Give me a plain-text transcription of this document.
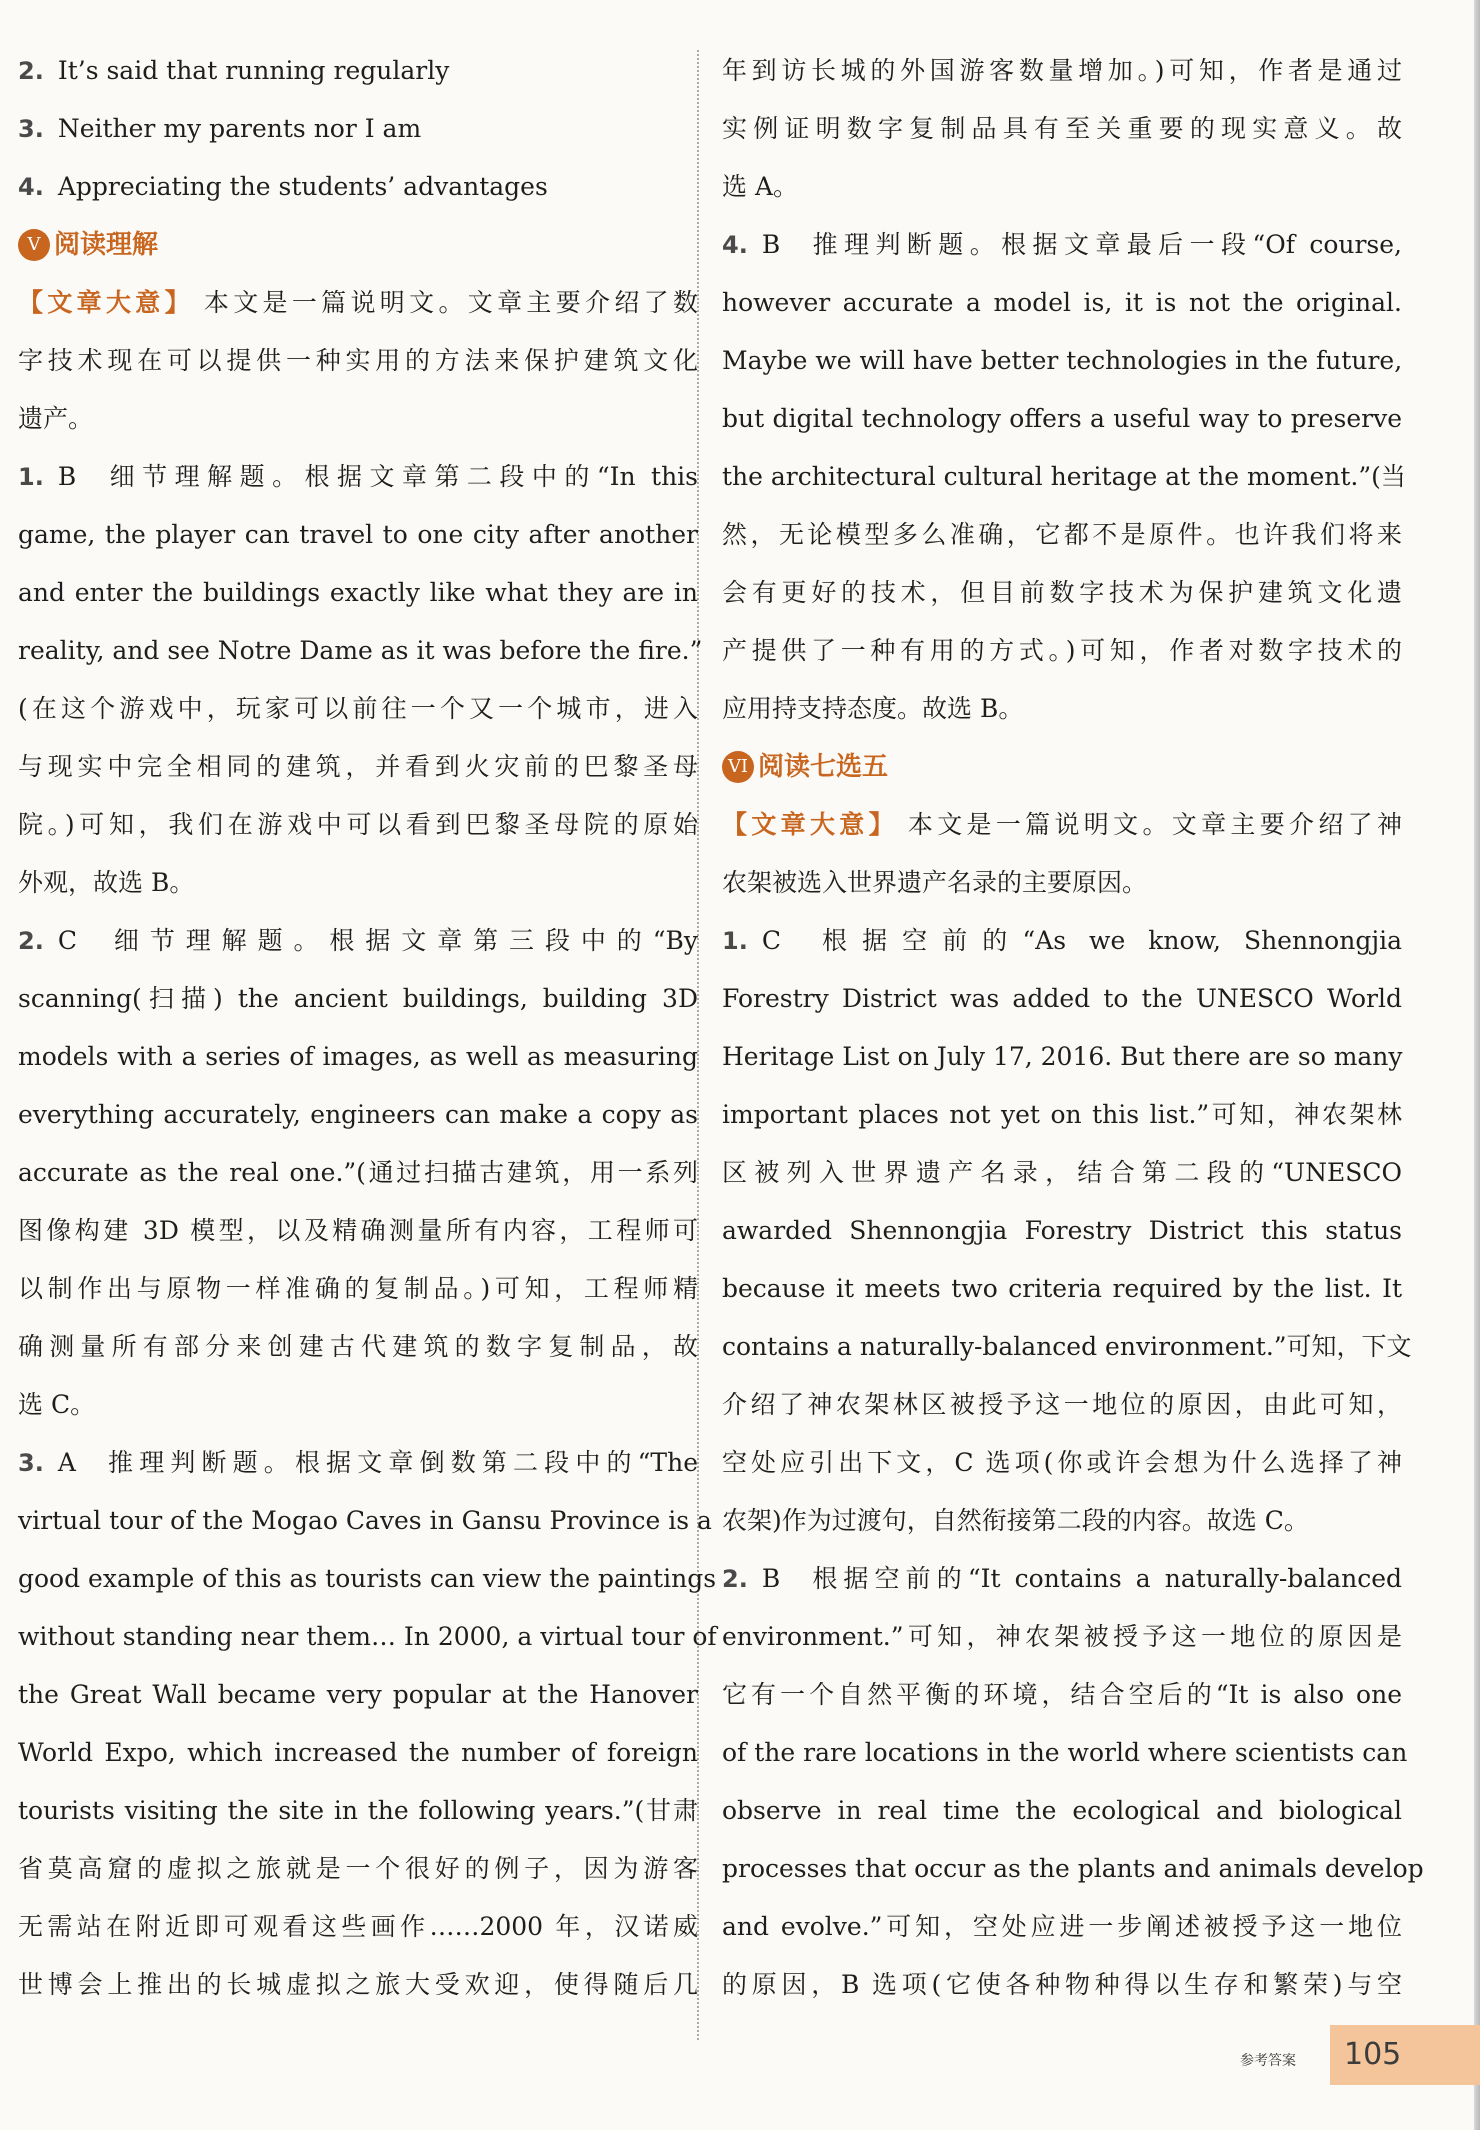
2. It’s said that running regularly
3. Neither my parents nor I am
4. Appreciating the students’ advantages
V 阅读理解
【文章大意】 本文是一篇说明文。文章主要介绍了数
字技术现在可以提供一种实用的方法来保护建筑文化
遗产。
1. B 细节理解题。根据文章第二段中的“In this
game, the player can travel to one city after another
and enter the buildings exactly like what they are in
reality, and see Notre Dame as it was before the fire.”
(在这个游戏中，玩家可以前往一个又一个城市，进入
与现实中完全相同的建筑，并看到火灾前的巴黎圣母
院。)可知，我们在游戏中可以看到巴黎圣母院的原始
外观，故选 B。
2. C 细节理解题。根据文章第三段中的“By
scanning(扫描) the ancient buildings, building 3D
models with a series of images, as well as measuring
everything accurately, engineers can make a copy as
accurate as the real one.”(通过扫描古建筑，用一系列
图像构建 3D 模型，以及精确测量所有内容，工程师可
以制作出与原物一样准确的复制品。)可知，工程师精
确测量所有部分来创建古代建筑的数字复制品，故
选 C。
3. A 推理判断题。根据文章倒数第二段中的“The
virtual tour of the Mogao Caves in Gansu Province is a
good example of this as tourists can view the paintings
without standing near them… In 2000, a virtual tour of
the Great Wall became very popular at the Hanover
World Expo, which increased the number of foreign
tourists visiting the site in the following years.”(甘肃
省莫高窟的虚拟之旅就是一个很好的例子，因为游客
无需站在附近即可观看这些画作……2000 年，汉诺威
世博会上推出的长城虚拟之旅大受欢迎，使得随后几
年到访长城的外国游客数量增加。)可知，作者是通过
实例证明数字复制品具有至关重要的现实意义。故
选 A。
4. B 推理判断题。根据文章最后一段“Of course,
however accurate a model is, it is not the original.
Maybe we will have better technologies in the future,
but digital technology offers a useful way to preserve
the architectural cultural heritage at the moment.”(当
然，无论模型多么准确，它都不是原件。也许我们将来
会有更好的技术，但目前数字技术为保护建筑文化遗
产提供了一种有用的方式。)可知，作者对数字技术的
应用持支持态度。故选 B。
VI 阅读七选五
【文章大意】 本文是一篇说明文。文章主要介绍了神
农架被选入世界遗产名录的主要原因。
1. C 根据空前的“As we know, Shennongjia
Forestry District was added to the UNESCO World
Heritage List on July 17, 2016. But there are so many
important places not yet on this list.”可知，神农架林
区被列入世界遗产名录，结合第二段的“UNESCO
awarded Shennongjia Forestry District this status
because it meets two criteria required by the list. It
contains a naturally-balanced environment.”可知，下文
介绍了神农架林区被授予这一地位的原因，由此可知，
空处应引出下文，C 选项(你或许会想为什么选择了神
农架)作为过渡句，自然衔接第二段的内容。故选 C。
2. B 根据空前的“It contains a naturally-balanced
environment.”可知，神农架被授予这一地位的原因是
它有一个自然平衡的环境，结合空后的“It is also one
of the rare locations in the world where scientists can
observe in real time the ecological and biological
processes that occur as the plants and animals develop
and evolve.”可知，空处应进一步阐述被授予这一地位
的原因，B 选项(它使各种物种得以生存和繁荣)与空
参考答案	105
